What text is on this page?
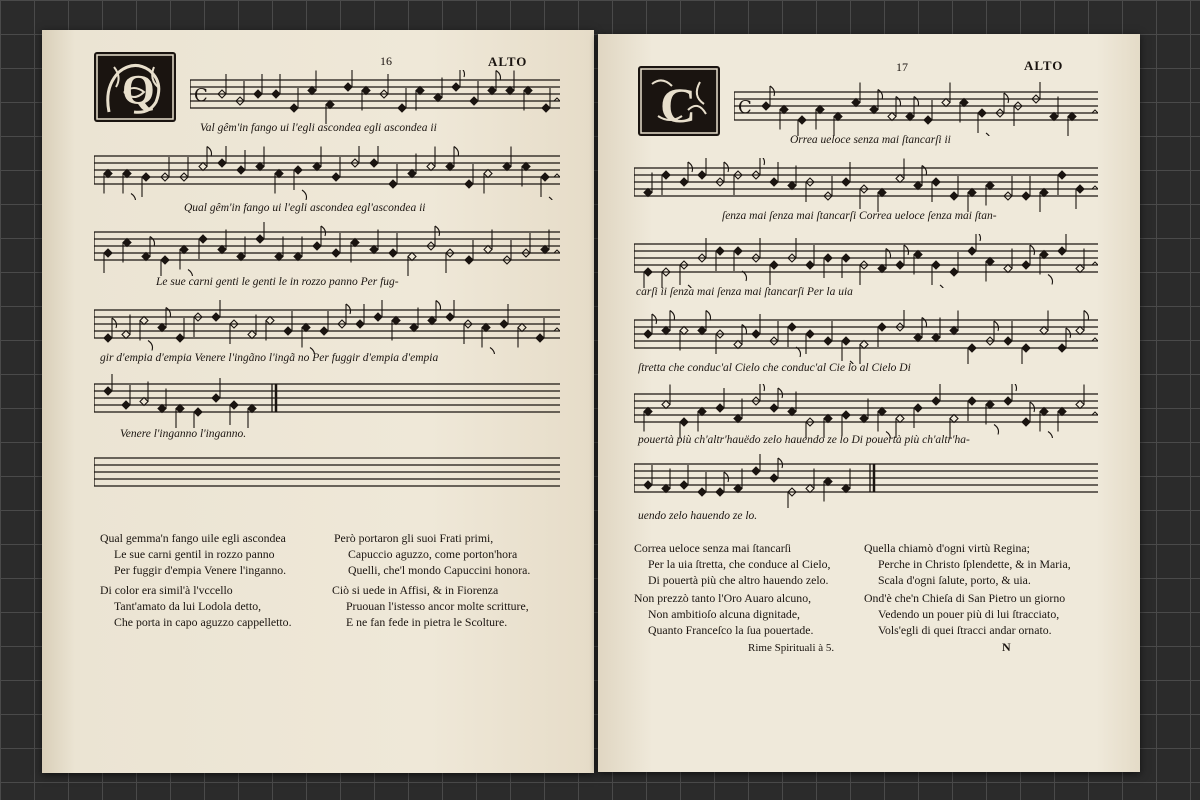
Q
16	ALTO
C
Val gêm'in fango ui l'egli ascondea egli ascondea ii
Qual gêm'in fango ui l'egli ascondea egl'ascondea ii
Le sue carni genti le genti le in rozzo panno Per fug-
gir d'empia d'empia Venere l'ingãno l'ingã no Per fuggir d'empia d'empia
Venere l'inganno l'inganno.
Qual gemma'n fango uile egli ascondea
Le sue carni gentil in rozzo panno
Per fuggir d'empia Venere l'inganno.
Di color era simil'à l'vccello
Tant'amato da lui Lodola detto,
Che porta in capo aguzzo cappelletto.
Però portaron gli suoi Frati primi,
Capuccio aguzzo, come porton'hora
Quelli, che'l mondo Capuccini honora.
Ciò si uede in Affisi, & in Fiorenza
Pruouan l'istesso ancor molte scritture,
E ne fan fede in pietra le Scolture.
C
17	ALTO
C
Orrea ueloce senza mai ſtancarſi ii
ſenza mai ſenza mai ſtancarſi Correa ueloce ſenza mai ſtan-
carſi ii ſenza mai ſenza mai ſtancarſi Per la uia
ſtretta che conduc'al Cielo che conduc'al Cie lo al Cielo Di
pouertà più ch'altr'hauëdo zelo hauendo ze lo Di pouertà più ch'altr'ha-
uendo zelo hauendo ze lo.
Correa ueloce senza mai ſtancarſi
Per la uia ſtretta, che conduce al Cielo,
Di pouertà più che altro hauendo zelo.
Non prezzò tanto l'Oro Auaro alcuno,
Non ambitioſo alcuna dignitade,
Quanto Franceſco la ſua pouertade.
Quella chiamò d'ogni virtù Regina;
Perche in Christo ſplendette, & in Maria,
Scala d'ogni ſalute, porto, & uia.
Ond'è che'n Chieſa di San Pietro un giorno
Vedendo un pouer più di lui ſtracciato,
Vols'egli di quei ſtracci andar ornato.
Rime Spirituali à 5.	N
